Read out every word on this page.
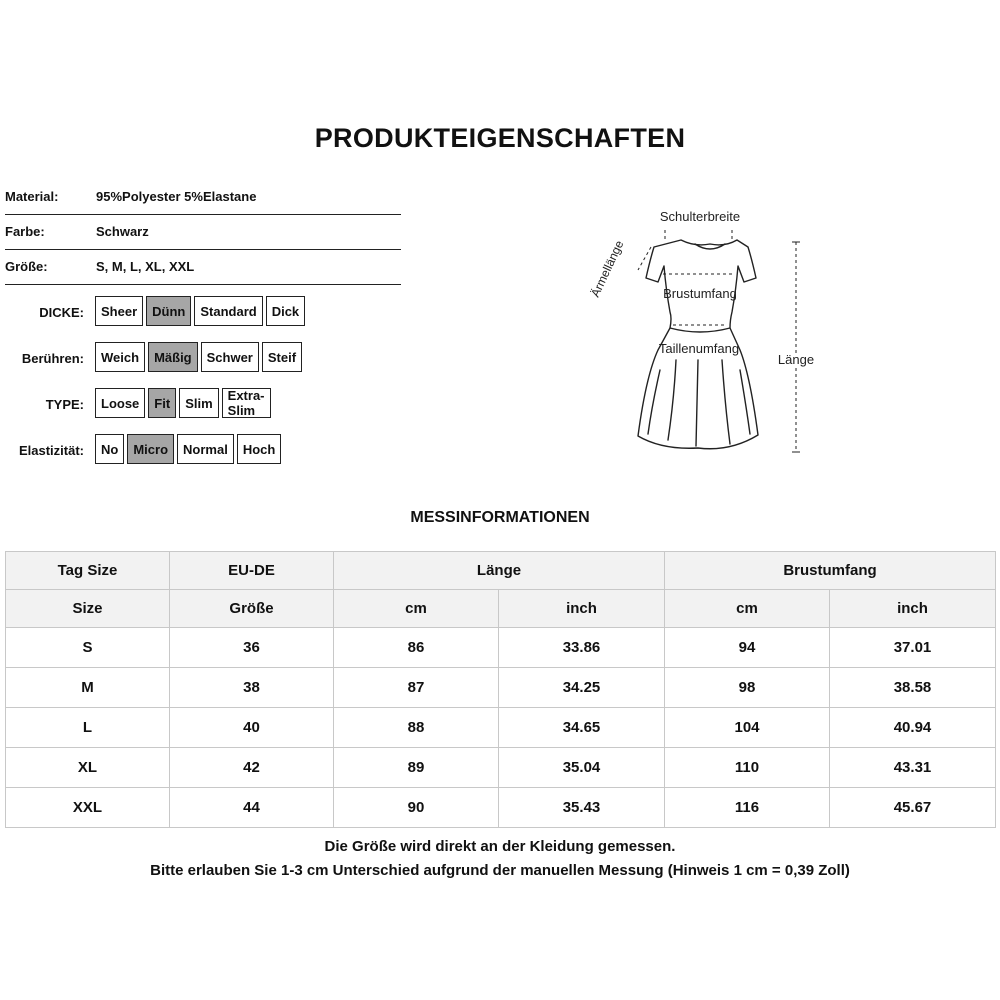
PRODUKTEIGENSCHAFTEN
Material:	95%Polyester 5%Elastane
Farbe:	Schwarz
Größe:	S, M, L, XL, XXL
DICKE:	Sheer	Dünn	Standard	Dick
Berühren:	Weich	Mäßig	Schwer	Steif
TYPE:	Loose	Fit	Slim	Extra-Slim
Elastizität:	No	Micro	Normal	Hoch
Schulterbreite
Ärmellänge	Brustumfang
Taillenumfang
Länge
MESSINFORMATIONEN
Tag Size	EU-DE	Länge		Brustumfang	
Size	Größe	cm	inch	cm	inch
S	36	86	33.86	94	37.01
M	38	87	34.25	98	38.58
L	40	88	34.65	104	40.94
XL	42	89	35.04	110	43.31
XXL	44	90	35.43	116	45.67
Die Größe wird direkt an der Kleidung gemessen.
Bitte erlauben Sie 1-3 cm Unterschied aufgrund der manuellen Messung (Hinweis 1 cm = 0,39 Zoll)
